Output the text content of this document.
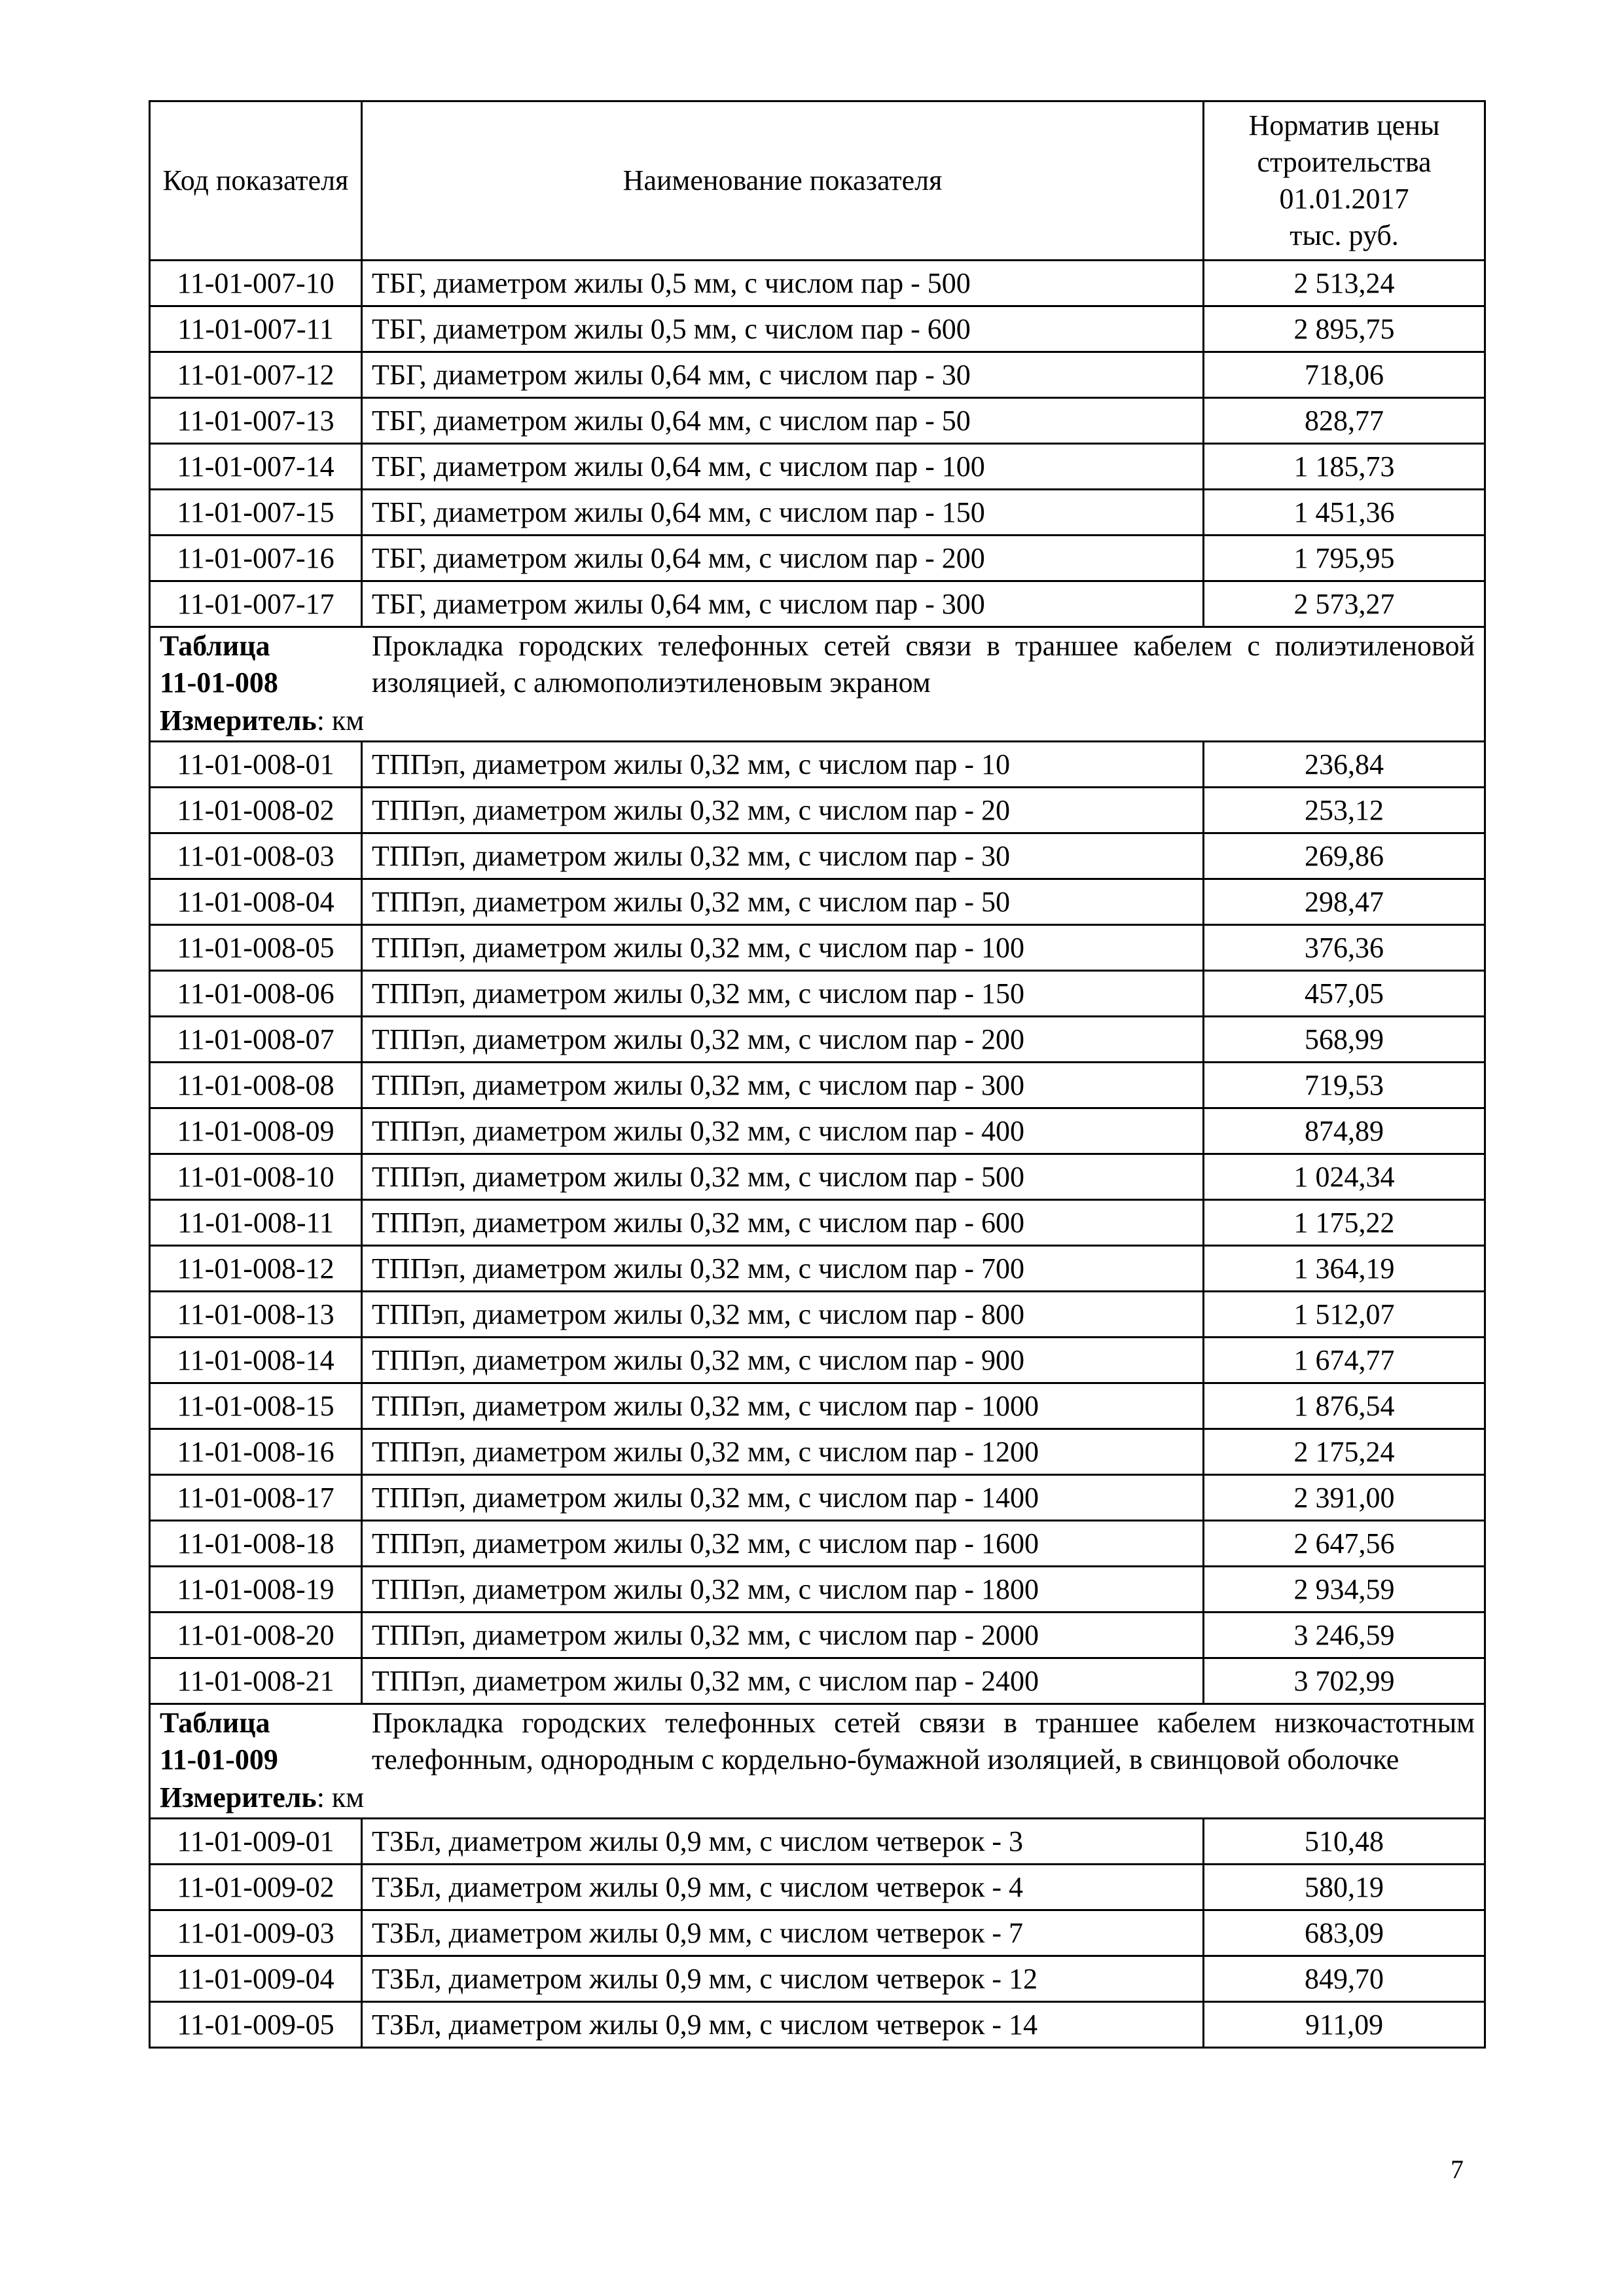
Код показателя	Наименование показателя	Норматив цены
строительства
01.01.2017
тыс. руб.

11-01-007-10	ТБГ, диаметром жилы 0,5 мм, с числом пар - 500	2 513,24
11-01-007-11	ТБГ, диаметром жилы 0,5 мм, с числом пар - 600	2 895,75
11-01-007-12	ТБГ, диаметром жилы 0,64 мм, с числом пар - 30	718,06
11-01-007-13	ТБГ, диаметром жилы 0,64 мм, с числом пар - 50	828,77
11-01-007-14	ТБГ, диаметром жилы 0,64 мм, с числом пар - 100	1 185,73
11-01-007-15	ТБГ, диаметром жилы 0,64 мм, с числом пар - 150	1 451,36
11-01-007-16	ТБГ, диаметром жилы 0,64 мм, с числом пар - 200	1 795,95
11-01-007-17	ТБГ, диаметром жилы 0,64 мм, с числом пар - 300	2 573,27

Таблица
11-01-008
Прокладка городских телефонных сетей связи в траншее кабелем с полиэтиленовой изоляцией, с алюмополиэтиленовым экраном
Измеритель: км		

11-01-008-01	ТППэп, диаметром жилы 0,32 мм, с числом пар - 10	236,84
11-01-008-02	ТППэп, диаметром жилы 0,32 мм, с числом пар - 20	253,12
11-01-008-03	ТППэп, диаметром жилы 0,32 мм, с числом пар - 30	269,86
11-01-008-04	ТППэп, диаметром жилы 0,32 мм, с числом пар - 50	298,47
11-01-008-05	ТППэп, диаметром жилы 0,32 мм, с числом пар - 100	376,36
11-01-008-06	ТППэп, диаметром жилы 0,32 мм, с числом пар - 150	457,05
11-01-008-07	ТППэп, диаметром жилы 0,32 мм, с числом пар - 200	568,99
11-01-008-08	ТППэп, диаметром жилы 0,32 мм, с числом пар - 300	719,53
11-01-008-09	ТППэп, диаметром жилы 0,32 мм, с числом пар - 400	874,89
11-01-008-10	ТППэп, диаметром жилы 0,32 мм, с числом пар - 500	1 024,34
11-01-008-11	ТППэп, диаметром жилы 0,32 мм, с числом пар - 600	1 175,22
11-01-008-12	ТППэп, диаметром жилы 0,32 мм, с числом пар - 700	1 364,19
11-01-008-13	ТППэп, диаметром жилы 0,32 мм, с числом пар - 800	1 512,07
11-01-008-14	ТППэп, диаметром жилы 0,32 мм, с числом пар - 900	1 674,77
11-01-008-15	ТППэп, диаметром жилы 0,32 мм, с числом пар - 1000	1 876,54
11-01-008-16	ТППэп, диаметром жилы 0,32 мм, с числом пар - 1200	2 175,24
11-01-008-17	ТППэп, диаметром жилы 0,32 мм, с числом пар - 1400	2 391,00
11-01-008-18	ТППэп, диаметром жилы 0,32 мм, с числом пар - 1600	2 647,56
11-01-008-19	ТППэп, диаметром жилы 0,32 мм, с числом пар - 1800	2 934,59
11-01-008-20	ТППэп, диаметром жилы 0,32 мм, с числом пар - 2000	3 246,59
11-01-008-21	ТППэп, диаметром жилы 0,32 мм, с числом пар - 2400	3 702,99

Таблица
11-01-009
Прокладка городских телефонных сетей связи в траншее кабелем низкочастотным телефонным, однородным с кордельно-бумажной изоляцией, в свинцовой оболочке
Измеритель: км		

11-01-009-01	ТЗБл, диаметром жилы 0,9 мм, с числом четверок - 3	510,48
11-01-009-02	ТЗБл, диаметром жилы 0,9 мм, с числом четверок - 4	580,19
11-01-009-03	ТЗБл, диаметром жилы 0,9 мм, с числом четверок - 7	683,09
11-01-009-04	ТЗБл, диаметром жилы 0,9 мм, с числом четверок - 12	849,70
11-01-009-05	ТЗБл, диаметром жилы 0,9 мм, с числом четверок - 14	911,09
7
